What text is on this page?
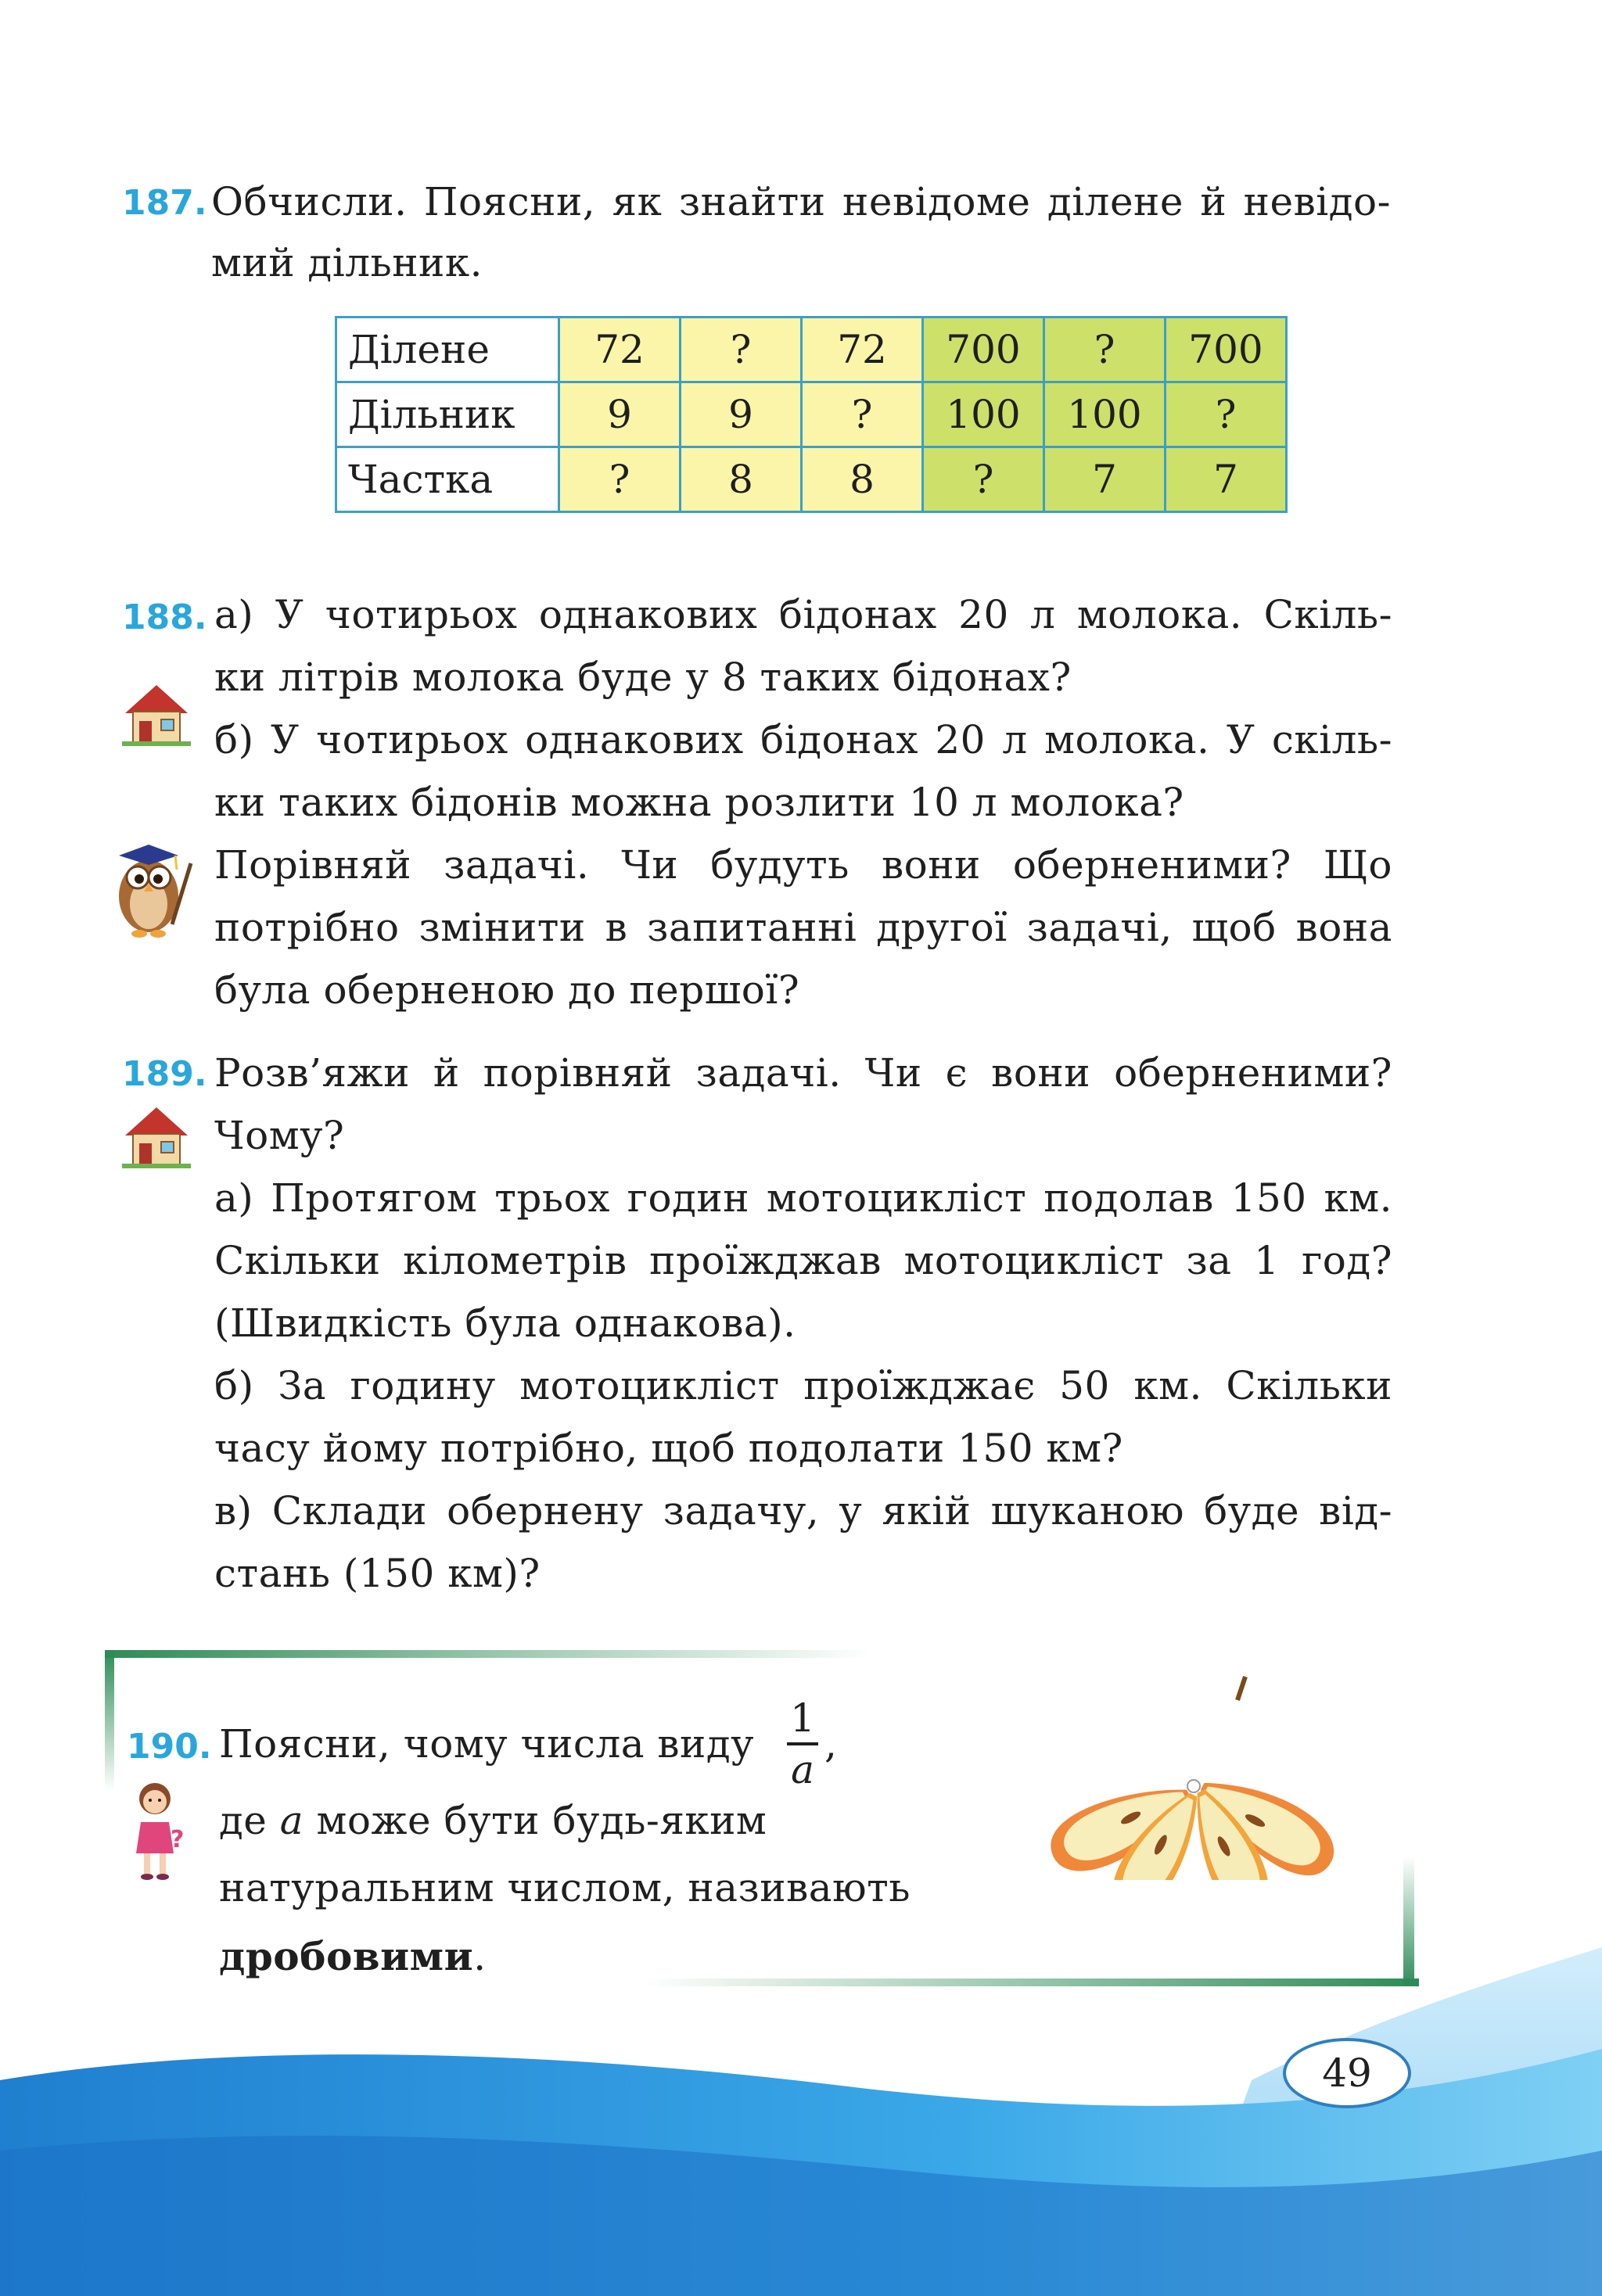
187. Обчисли. Поясни, як знайти невідоме ділене й невідо-
мий дільник.
Ділене	72	?	72	700	?	700
Дільник	9	9	?	100	100	?
Частка	?	8	8	?	7	7
188. а) У чотирьох однакових бідонах 20 л молока. Скіль-
ки літрів молока буде у 8 таких бідонах?
б) У чотирьох однакових бідонах 20 л молока. У скіль-
ки таких бідонів можна розлити 10 л молока?
Порівняй задачі. Чи будуть вони оберненими? Що
потрібно змінити в запитанні другої задачі, щоб вона
була оберненою до першої?
189. Розв’яжи й порівняй задачі. Чи є вони оберненими?
Чому?
а) Протягом трьох годин мотоцикліст подолав 150 км.
Скільки кілометрів проїжджав мотоцикліст за 1 год?
(Швидкість була однакова).
б) За годину мотоцикліст проїжджає 50 км. Скільки
часу йому потрібно, щоб подолати 150 км?
в) Склади обернену задачу, у якій шуканою буде від-
стань (150 км)?
190. Поясни, чому числа виду
1
a
,
де a може бути будь-яким
натуральним числом, називають
дробовими.
?
49
